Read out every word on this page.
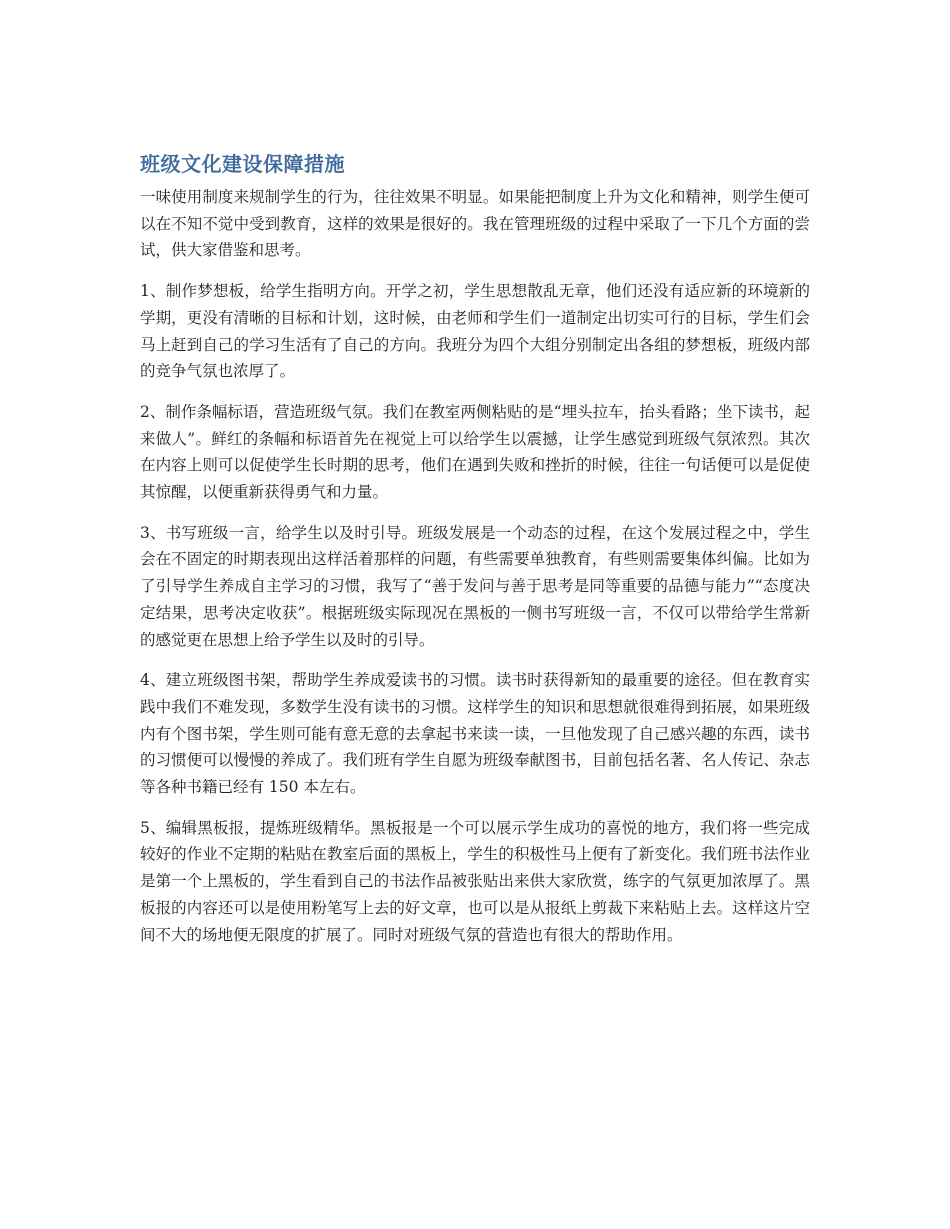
班级文化建设保障措施

一味使用制度来规制学生的行为，往往效果不明显。如果能把制度上升为文化和精神，则学生便可以在不知不觉中受到教育，这样的效果是很好的。我在管理班级的过程中采取了一下几个方面的尝试，供大家借鉴和思考。

1、制作梦想板，给学生指明方向。开学之初，学生思想散乱无章，他们还没有适应新的环境新的学期，更没有清晰的目标和计划，这时候，由老师和学生们一道制定出切实可行的目标，学生们会马上赶到自己的学习生活有了自己的方向。我班分为四个大组分别制定出各组的梦想板，班级内部的竞争气氛也浓厚了。

2、制作条幅标语，营造班级气氛。我们在教室两侧粘贴的是“埋头拉车，抬头看路；坐下读书，起来做人”。鲜红的条幅和标语首先在视觉上可以给学生以震撼，让学生感觉到班级气氛浓烈。其次在内容上则可以促使学生长时期的思考，他们在遇到失败和挫折的时候，往往一句话便可以是促使其惊醒，以便重新获得勇气和力量。

3、书写班级一言，给学生以及时引导。班级发展是一个动态的过程，在这个发展过程之中，学生会在不固定的时期表现出这样活着那样的问题，有些需要单独教育，有些则需要集体纠偏。比如为了引导学生养成自主学习的习惯，我写了“善于发问与善于思考是同等重要的品德与能力”“态度决定结果，思考决定收获”。根据班级实际现况在黑板的一侧书写班级一言，不仅可以带给学生常新的感觉更在思想上给予学生以及时的引导。

4、建立班级图书架，帮助学生养成爱读书的习惯。读书时获得新知的最重要的途径。但在教育实践中我们不难发现，多数学生没有读书的习惯。这样学生的知识和思想就很难得到拓展，如果班级内有个图书架，学生则可能有意无意的去拿起书来读一读，一旦他发现了自己感兴趣的东西，读书的习惯便可以慢慢的养成了。我们班有学生自愿为班级奉献图书，目前包括名著、名人传记、杂志等各种书籍已经有 150 本左右。

5、编辑黑板报，提炼班级精华。黑板报是一个可以展示学生成功的喜悦的地方，我们将一些完成较好的作业不定期的粘贴在教室后面的黑板上，学生的积极性马上便有了新变化。我们班书法作业是第一个上黑板的，学生看到自己的书法作品被张贴出来供大家欣赏，练字的气氛更加浓厚了。黑板报的内容还可以是使用粉笔写上去的好文章，也可以是从报纸上剪裁下来粘贴上去。这样这片空间不大的场地便无限度的扩展了。同时对班级气氛的营造也有很大的帮助作用。
